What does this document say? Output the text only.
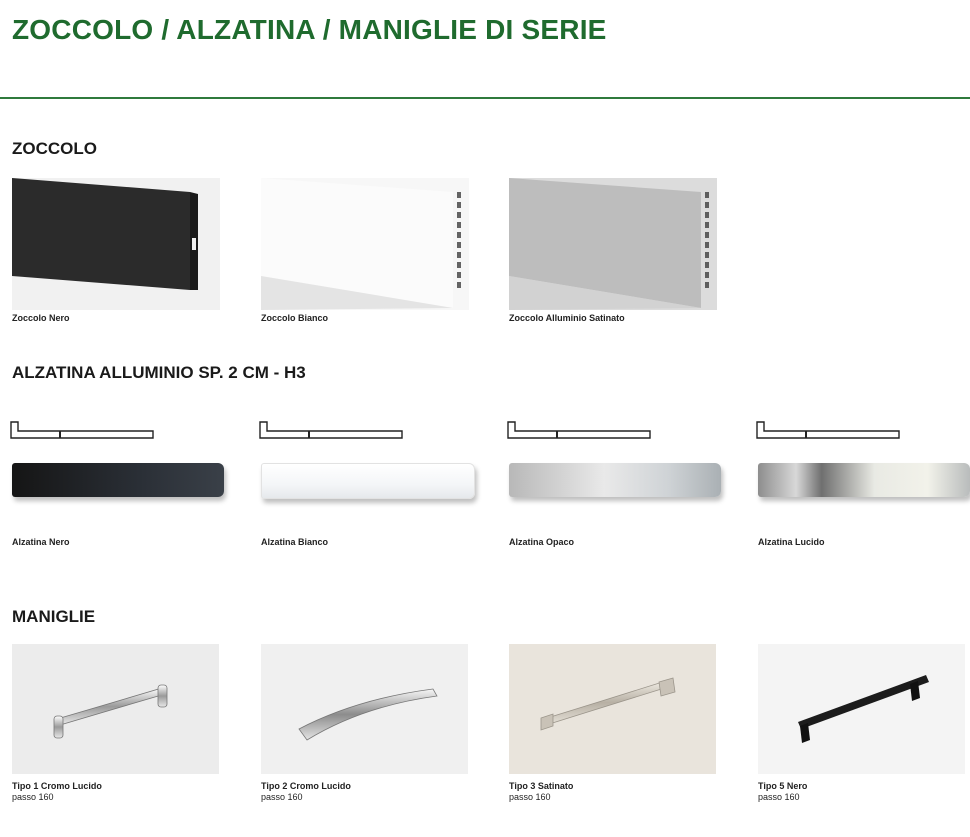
ZOCCOLO / ALZATINA / MANIGLIE DI SERIE
ZOCCOLO
Zoccolo Nero	Zoccolo Bianco	Zoccolo Alluminio Satinato
ALZATINA ALLUMINIO SP. 2 CM - H3
Alzatina Nero	Alzatina Bianco	Alzatina Opaco	Alzatina Lucido
MANIGLIE
Tipo 1 Cromo Lucido
passo 160
Tipo 2 Cromo Lucido
passo 160
Tipo 3 Satinato
passo 160
Tipo 5 Nero
passo 160
